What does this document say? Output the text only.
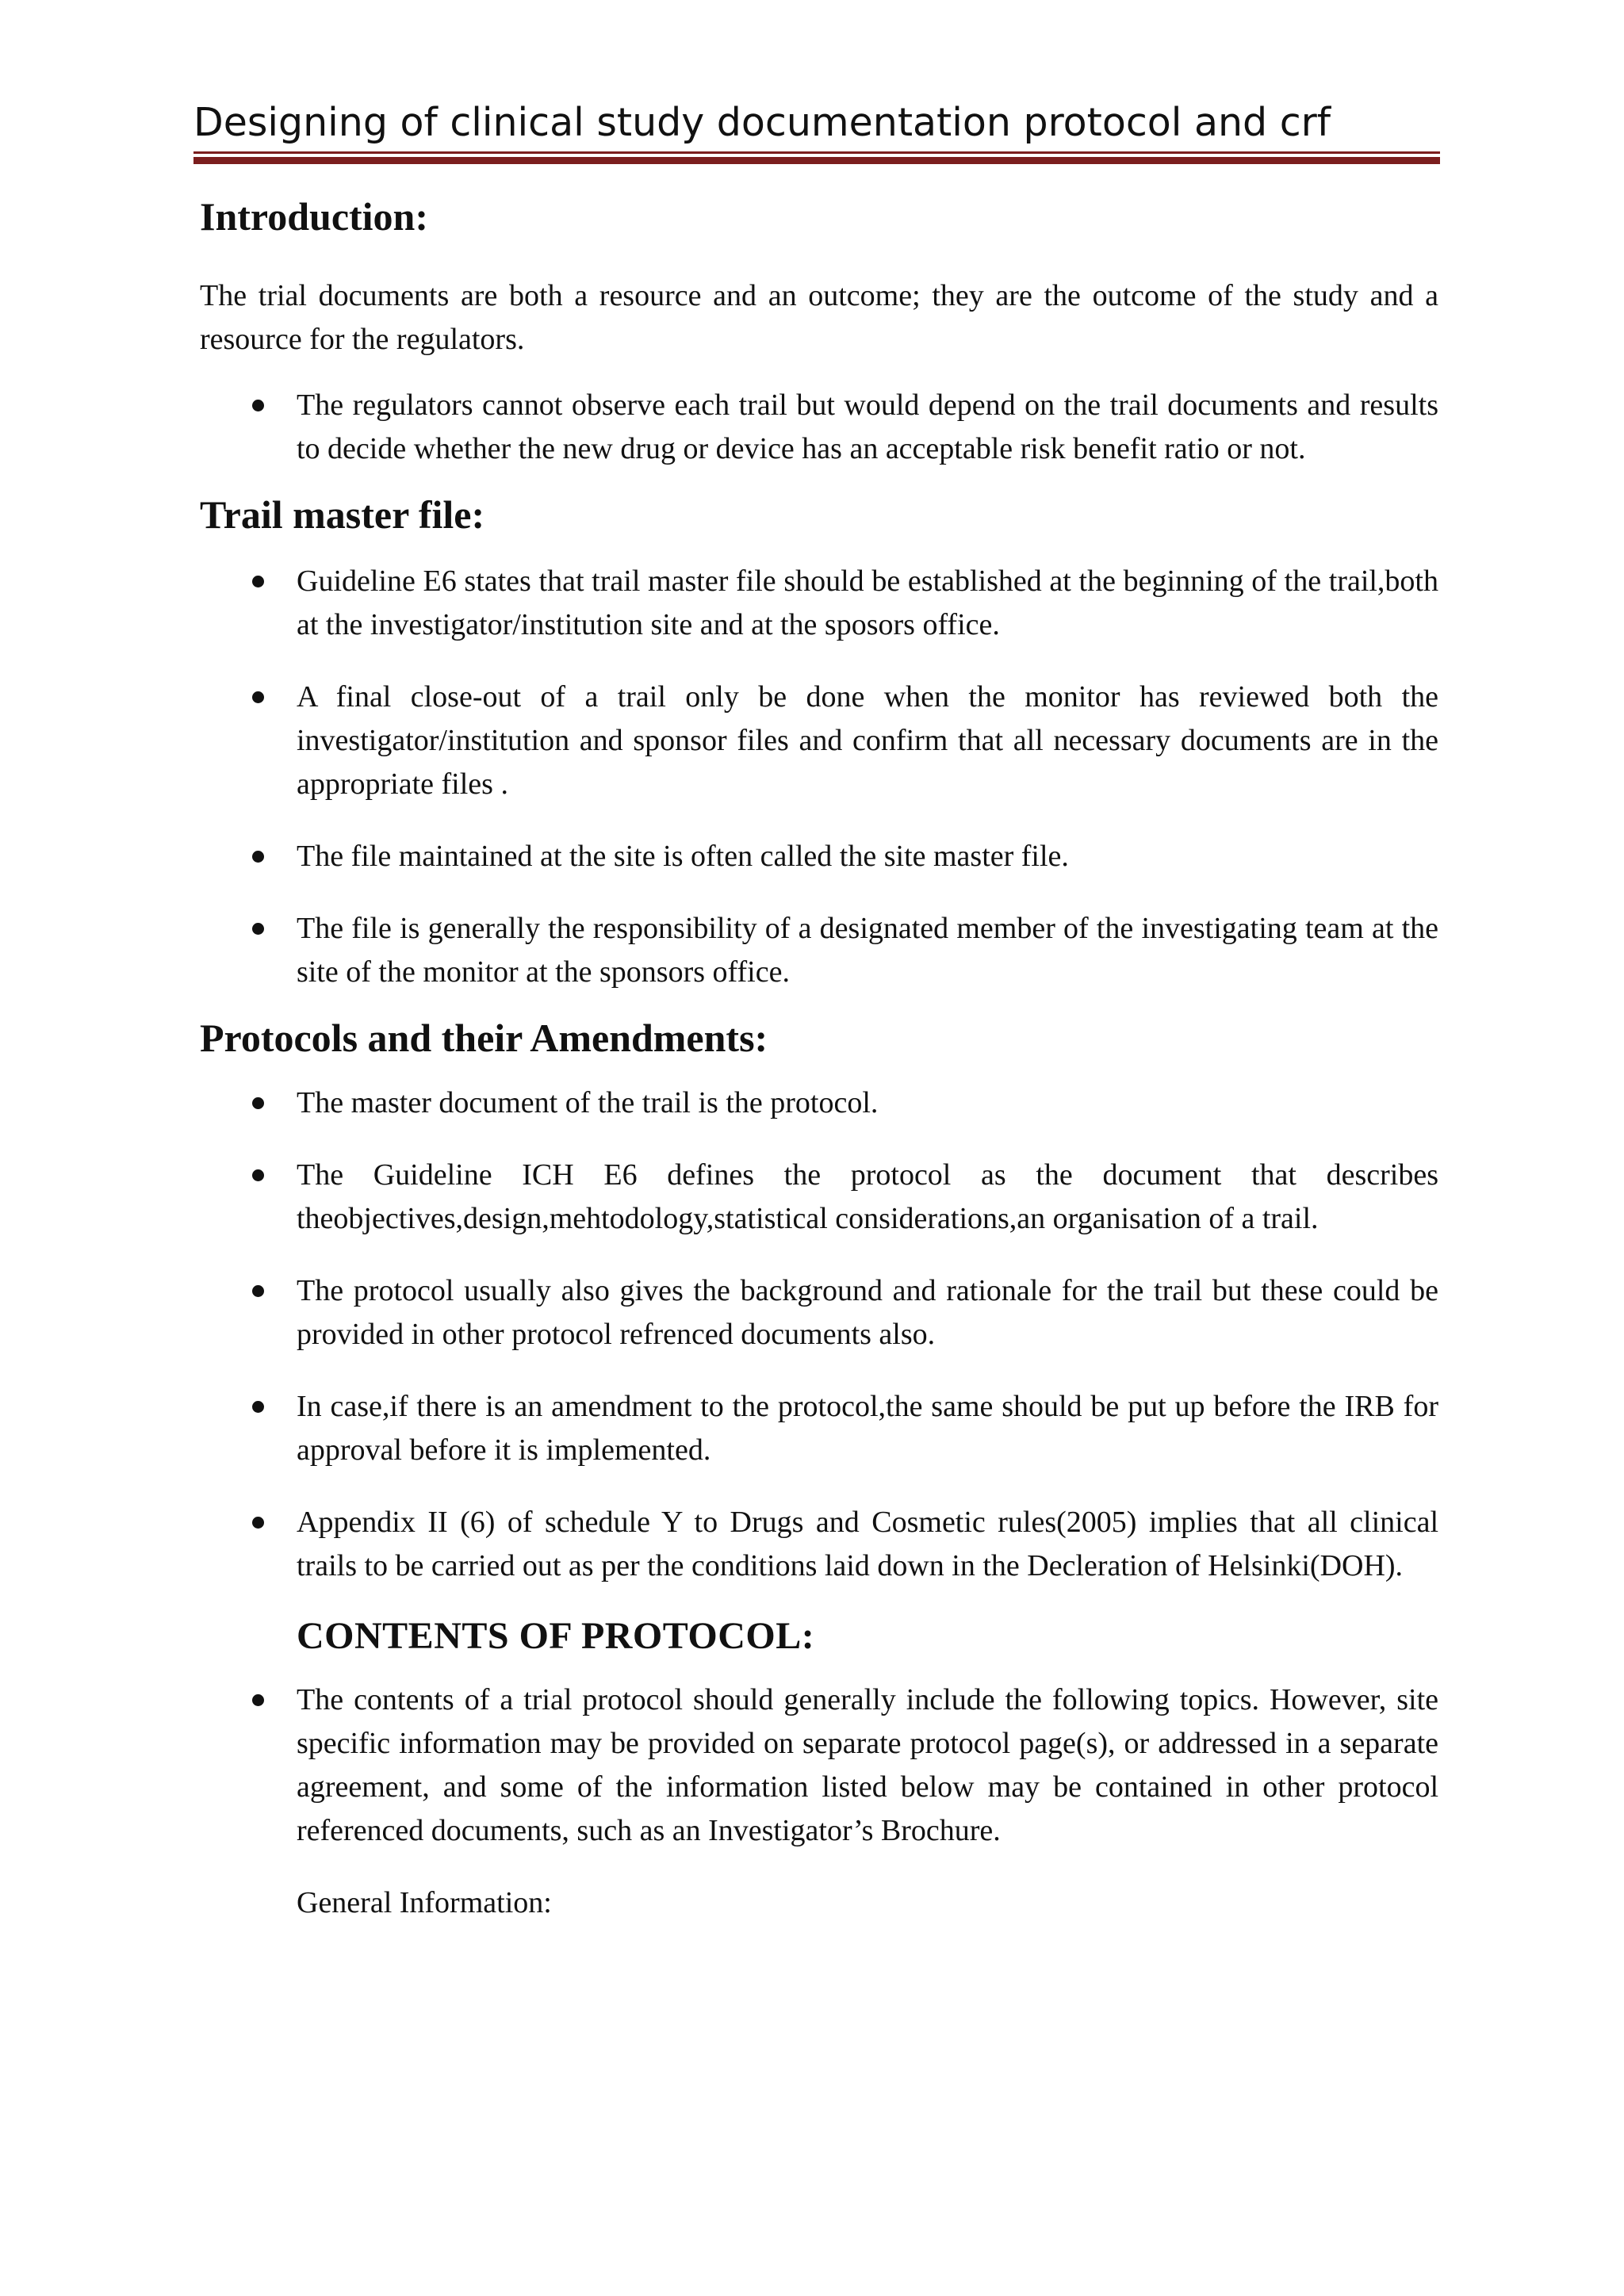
Designing of clinical study documentation protocol and crf
Introduction:

The trial documents are both a resource and an outcome; they are the outcome of the study and a resource for the regulators.

The regulators cannot observe each trail but would depend on the trail documents and results to decide whether the new drug or device has an acceptable risk benefit ratio or not.
Trail master file:
Guideline E6 states that trail master file should be established at the beginning of the trail,both at the investigator/institution site and at the sposors office.
A final close-out of a trail only be done when the monitor has reviewed both the investigator/institution and sponsor files and confirm that all necessary documents are in the appropriate files .
The file maintained at the site is often called the site master file.
The file is generally the responsibility of a designated member of the investigating team at the site of the monitor at the sponsors office.
Protocols and their Amendments:
The master document of the trail is the protocol.
The Guideline ICH E6 defines the protocol as the document that describes theobjectives,design,mehtodology,statistical considerations,an organisation of a trail.
The protocol usually also gives the background and rationale for the trail but these could be provided in other protocol refrenced documents also.
In case,if there is an amendment to the protocol,the same should be put up before the IRB for approval before it is implemented.
Appendix II (6) of schedule Y to Drugs and Cosmetic rules(2005) implies that all clinical trails to be carried out as per the conditions laid down in the Decleration of Helsinki(DOH).
CONTENTS OF PROTOCOL:
The contents of a trial protocol should generally include the following topics. However, site specific information may be provided on separate protocol page(s), or addressed in a separate agreement, and some of the information listed below may be contained in other protocol referenced documents, such as an Investigator’s Brochure.

General Information:
